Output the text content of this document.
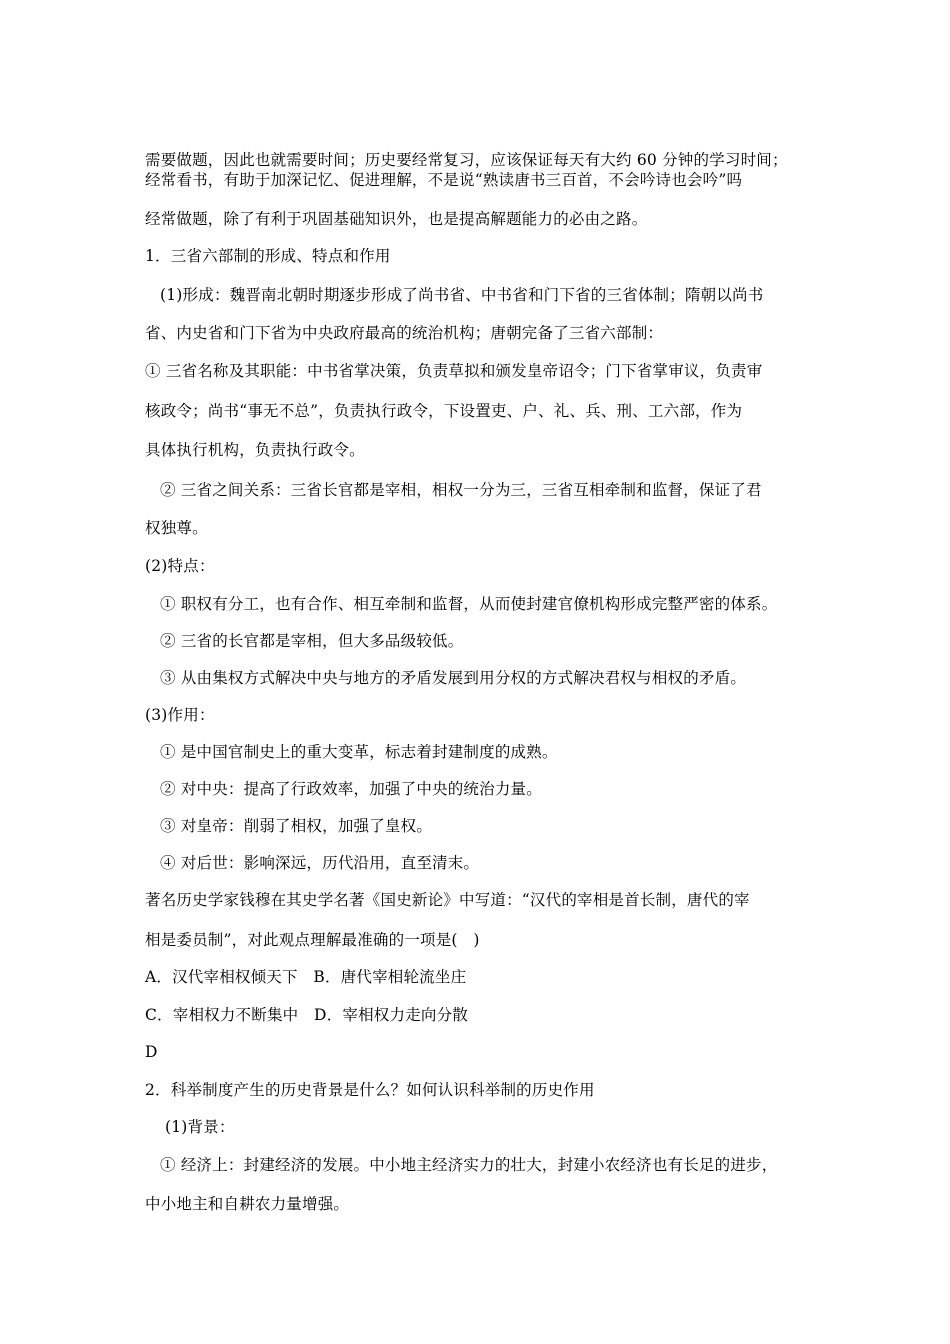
需要做题，因此也就需要时间；历史要经常复习，应该保证每天有大约 60 分钟的学习时间；
经常看书，有助于加深记忆、促进理解，不是说“熟读唐书三百首，不会吟诗也会吟”吗
经常做题，除了有利于巩固基础知识外，也是提高解题能力的必由之路。
1．三省六部制的形成、特点和作用
(1)形成：魏晋南北朝时期逐步形成了尚书省、中书省和门下省的三省体制；隋朝以尚书
省、内史省和门下省为中央政府最高的统治机构；唐朝完备了三省六部制：
① 三省名称及其职能：中书省掌决策，负责草拟和颁发皇帝诏令；门下省掌审议，负责审
核政令；尚书“事无不总”，负责执行政令，下设置吏、户、礼、兵、刑、工六部，作为
具体执行机构，负责执行政令。
② 三省之间关系：三省长官都是宰相，相权一分为三，三省互相牵制和监督，保证了君
权独尊。
(2)特点：
① 职权有分工，也有合作、相互牵制和监督，从而使封建官僚机构形成完整严密的体系。
② 三省的长官都是宰相，但大多品级较低。
③ 从由集权方式解决中央与地方的矛盾发展到用分权的方式解决君权与相权的矛盾。
(3)作用：
① 是中国官制史上的重大变革，标志着封建制度的成熟。
② 对中央：提高了行政效率，加强了中央的统治力量。
③ 对皇帝：削弱了相权，加强了皇权。
④ 对后世：影响深远，历代沿用，直至清末。
著名历史学家钱穆在其史学名著《国史新论》中写道：“汉代的宰相是首长制，唐代的宰
相是委员制”，对此观点理解最准确的一项是(　)
A．汉代宰相权倾天下　B．唐代宰相轮流坐庄
C．宰相权力不断集中　D．宰相权力走向分散
D
2．科举制度产生的历史背景是什么？如何认识科举制的历史作用
(1)背景：
① 经济上：封建经济的发展。中小地主经济实力的壮大，封建小农经济也有长足的进步，
中小地主和自耕农力量增强。
